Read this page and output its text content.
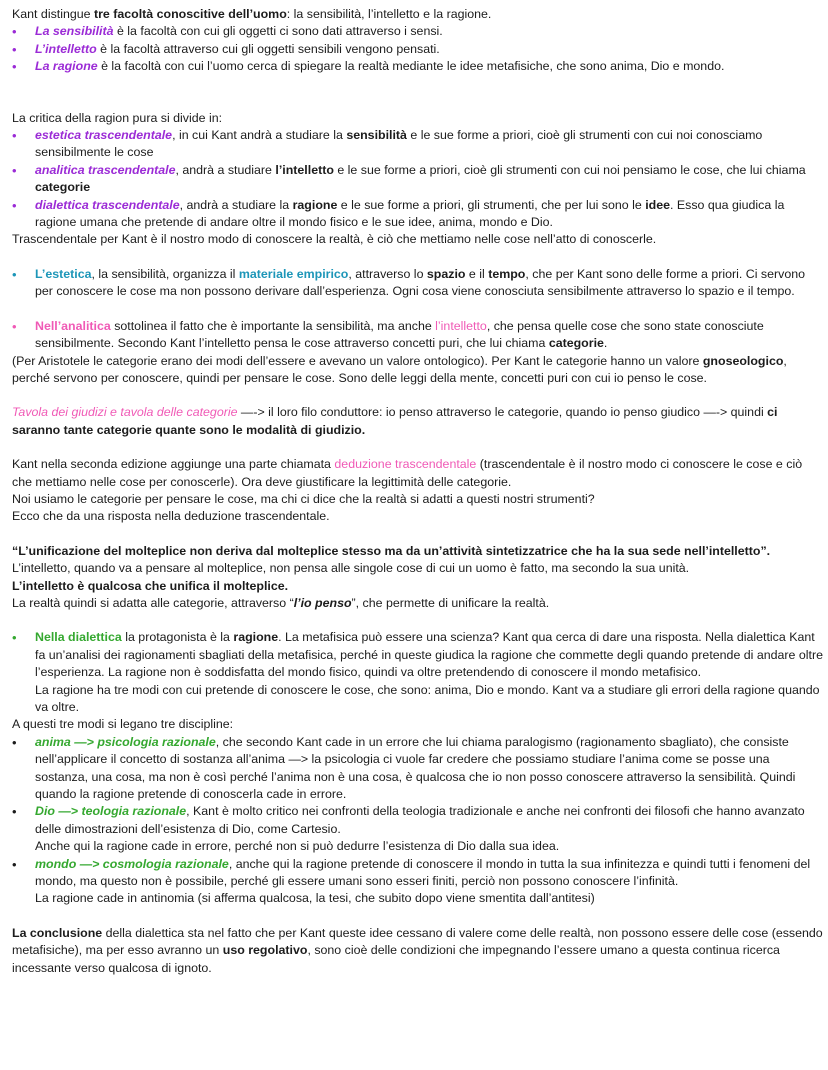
Kant distingue tre facoltà conoscitive dell’uomo: la sensibilità, l’intelletto e la ragione.

• La sensibilità è la facoltà con cui gli oggetti ci sono dati attraverso i sensi.
• L’intelletto è la facoltà attraverso cui gli oggetti sensibili vengono pensati.
• La ragione è la facoltà con cui l’uomo cerca di spiegare la realtà mediante le idee metafisiche, che sono anima, Dio e mondo.

La critica della ragion pura si divide in:

• estetica trascendentale, in cui Kant andrà a studiare la sensibilità e le sue forme a priori, cioè gli strumenti con cui noi conosciamo sensibilmente le cose
• analitica trascendentale, andrà a studiare l’intelletto e le sue forme a priori, cioè gli strumenti con cui noi pensiamo le cose, che lui chiama categorie
• dialettica trascendentale, andrà a studiare la ragione e le sue forme a priori, gli strumenti, che per lui sono le idee. Esso qua giudica la ragione umana che pretende di andare oltre il mondo fisico e le sue idee, anima, mondo e Dio.

Trascendentale per Kant è il nostro modo di conoscere la realtà, è ciò che mettiamo nelle cose nell’atto di conoscerle.

• L’estetica, la sensibilità, organizza il materiale empirico, attraverso lo spazio e il tempo, che per Kant sono delle forme a priori. Ci servono per conoscere le cose ma non possono derivare dall’esperienza. Ogni cosa viene conosciuta sensibilmente attraverso lo spazio e il tempo.
• Nell’analitica sottolinea il fatto che è importante la sensibilità, ma anche l’intelletto, che pensa quelle cose che sono state conosciute sensibilmente. Secondo Kant l’intelletto pensa le cose attraverso concetti puri, che lui chiama categorie.

(Per Aristotele le categorie erano dei modi dell’essere e avevano un valore ontologico). Per Kant le categorie hanno un valore gnoseologico, perché servono per conoscere, quindi per pensare le cose. Sono delle leggi della mente, concetti puri con cui io penso le cose.

Tavola dei giudizi e tavola delle categorie —-> il loro filo conduttore: io penso attraverso le categorie, quando io penso giudico —-> quindi ci saranno tante categorie quante sono le modalità di giudizio.

Kant nella seconda edizione aggiunge una parte chiamata deduzione trascendentale (trascendentale è il nostro modo ci conoscere le cose e ciò che mettiamo nelle cose per conoscerle). Ora deve giustificare la legittimità delle categorie.

Noi usiamo le categorie per pensare le cose, ma chi ci dice che la realtà si adatti a questi nostri strumenti?

Ecco che da una risposta nella deduzione trascendentale.

“L’unificazione del molteplice non deriva dal molteplice stesso ma da un’attività sintetizzatrice che ha la sua sede nell’intelletto”.

L’intelletto, quando va a pensare al molteplice, non pensa alle singole cose di cui un uomo è fatto, ma secondo la sua unità.

L’intelletto è qualcosa che unifica il molteplice.

La realtà quindi si adatta alle categorie, attraverso “l’io penso”, che permette di unificare la realtà.

• Nella dialettica la protagonista è la ragione. La metafisica può essere una scienza? Kant qua cerca di dare una risposta. Nella dialettica Kant fa un’analisi dei ragionamenti sbagliati della metafisica, perché in queste giudica la ragione che commette degli quando pretende di andare oltre l’esperienza. La ragione non è soddisfatta del mondo fisico, quindi va oltre pretendendo di conoscere il mondo metafisico.

La ragione ha tre modi con cui pretende di conoscere le cose, che sono: anima, Dio e mondo. Kant va a studiare gli errori della ragione quando va oltre.

A questi tre modi si legano tre discipline:

• anima —> psicologia razionale, che secondo Kant cade in un errore che lui chiama paralogismo (ragionamento sbagliato), che consiste nell’applicare il concetto di sostanza all’anima —> la psicologia ci vuole far credere che possiamo studiare l’anima come se posse una sostanza, una cosa, ma non è così perché l’anima non è una cosa, è qualcosa che io non posso conoscere attraverso la sensibilità. Quindi quando la ragione pretende di conoscerla cade in errore.
• Dio —> teologia razionale, Kant è molto critico nei confronti della teologia tradizionale e anche nei confronti dei filosofi che hanno avanzato delle dimostrazioni dell’esistenza di Dio, come Cartesio.
Anche qui la ragione cade in errore, perché non si può dedurre l’esistenza di Dio dalla sua idea.
• mondo —> cosmologia razionale, anche qui la ragione pretende di conoscere il mondo in tutta la sua infinitezza e quindi tutti i fenomeni del mondo, ma questo non è possibile, perché gli essere umani sono esseri finiti, perciò non possono conoscere l’infinità.
La ragione cade in antinomia (si afferma qualcosa, la tesi, che subito dopo viene smentita dall’antitesi)

La conclusione della dialettica sta nel fatto che per Kant queste idee cessano di valere come delle realtà, non possono essere delle cose (essendo metafisiche), ma per esso avranno un uso regolativo, sono cioè delle condizioni che impegnando l’essere umano a questa continua ricerca incessante verso qualcosa di ignoto.
